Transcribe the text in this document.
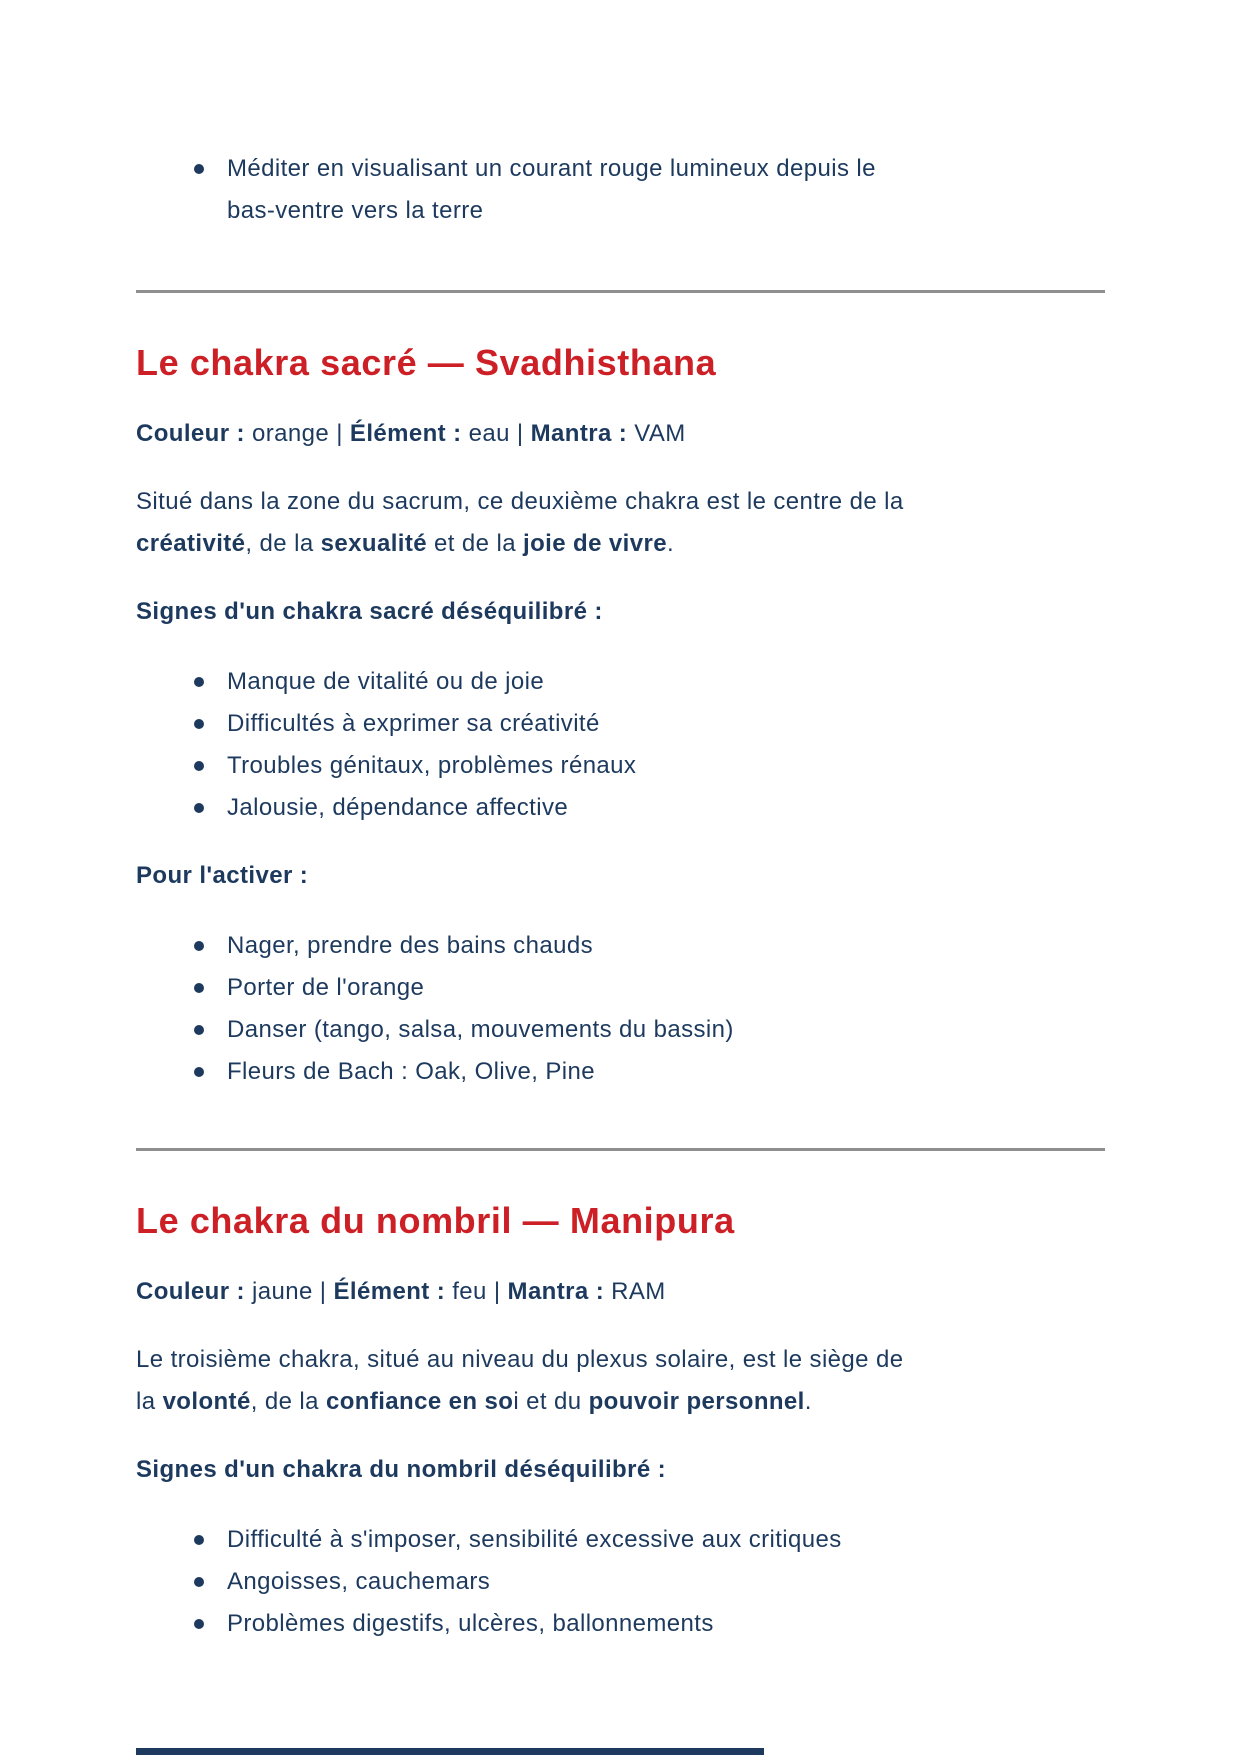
Méditer en visualisant un courant rouge lumineux depuis le
bas-ventre vers la terre
Le chakra sacré — Svadhisthana

Couleur : orange | Élément : eau | Mantra : VAM

Situé dans la zone du sacrum, ce deuxième chakra est le centre de la
créativité, de la sexualité et de la joie de vivre.

Signes d'un chakra sacré déséquilibré :

Manque de vitalité ou de joie
Difficultés à exprimer sa créativité
Troubles génitaux, problèmes rénaux
Jalousie, dépendance affective

Pour l'activer :

Nager, prendre des bains chauds
Porter de l'orange
Danser (tango, salsa, mouvements du bassin)
Fleurs de Bach : Oak, Olive, Pine
Le chakra du nombril — Manipura

Couleur : jaune | Élément : feu | Mantra : RAM

Le troisième chakra, situé au niveau du plexus solaire, est le siège de
la volonté, de la confiance en soi et du pouvoir personnel.

Signes d'un chakra du nombril déséquilibré :

Difficulté à s'imposer, sensibilité excessive aux critiques
Angoisses, cauchemars
Problèmes digestifs, ulcères, ballonnements
